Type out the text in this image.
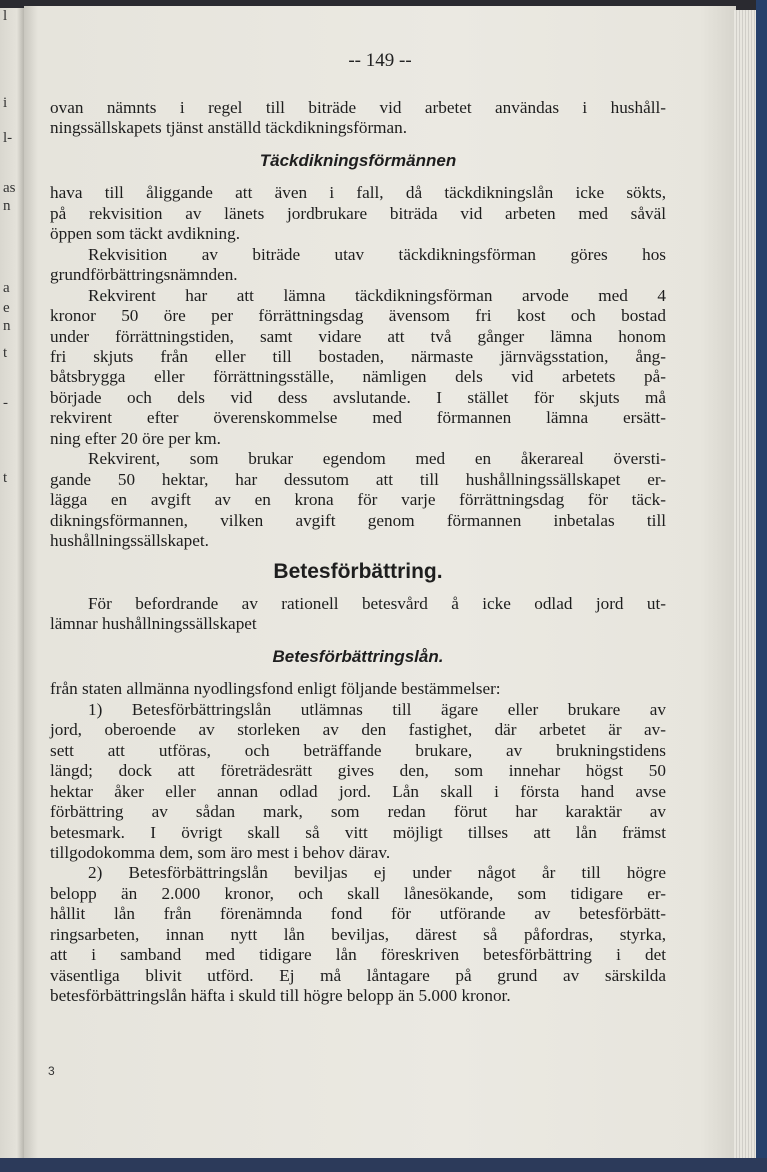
i
l-
as
n
a
e
n
t
-
t
l
-- 149 --
ovan nämnts i regel till biträde vid arbetet användas i hushåll-
ningssällskapets tjänst anställd täckdikningsförman.
Täckdikningsförmännen
hava till åliggande att även i fall, då täckdikningslån icke sökts,
på rekvisition av länets jordbrukare biträda vid arbeten med såväl
öppen som täckt avdikning.
Rekvisition av biträde utav täckdikningsförman göres hos
grundförbättringsnämnden.
Rekvirent har att lämna täckdikningsförman arvode med 4
kronor 50 öre per förrättningsdag ävensom fri kost och bostad
under förrättningstiden, samt vidare att två gånger lämna honom
fri skjuts från eller till bostaden, närmaste järnvägsstation, ång-
båtsbrygga eller förrättningsställe, nämligen dels vid arbetets på-
började och dels vid dess avslutande. I stället för skjuts må
rekvirent efter överenskommelse med förmannen lämna ersätt-
ning efter 20 öre per km.
Rekvirent, som brukar egendom med en åkerareal översti-
gande 50 hektar, har dessutom att till hushållningssällskapet er-
lägga en avgift av en krona för varje förrättningsdag för täck-
dikningsförmannen, vilken avgift genom förmannen inbetalas till
hushållningssällskapet.
Betesförbättring.
För befordrande av rationell betesvård å icke odlad jord ut-
lämnar hushållningssällskapet
Betesförbättringslån.
från staten allmänna nyodlingsfond enligt följande bestämmelser:
1) Betesförbättringslån utlämnas till ägare eller brukare av
jord, oberoende av storleken av den fastighet, där arbetet är av-
sett att utföras, och beträffande brukare, av brukningstidens
längd; dock att företrädesrätt gives den, som innehar högst 50
hektar åker eller annan odlad jord. Lån skall i första hand avse
förbättring av sådan mark, som redan förut har karaktär av
betesmark. I övrigt skall så vitt möjligt tillses att lån främst
tillgodokomma dem, som äro mest i behov därav.
2) Betesförbättringslån beviljas ej under något år till högre
belopp än 2.000 kronor, och skall lånesökande, som tidigare er-
hållit lån från förenämnda fond för utförande av betesförbätt-
ringsarbeten, innan nytt lån beviljas, därest så påfordras, styrka,
att i samband med tidigare lån föreskriven betesförbättring i det
väsentliga blivit utförd. Ej må låntagare på grund av särskilda
betesförbättringslån häfta i skuld till högre belopp än 5.000 kronor.
3
